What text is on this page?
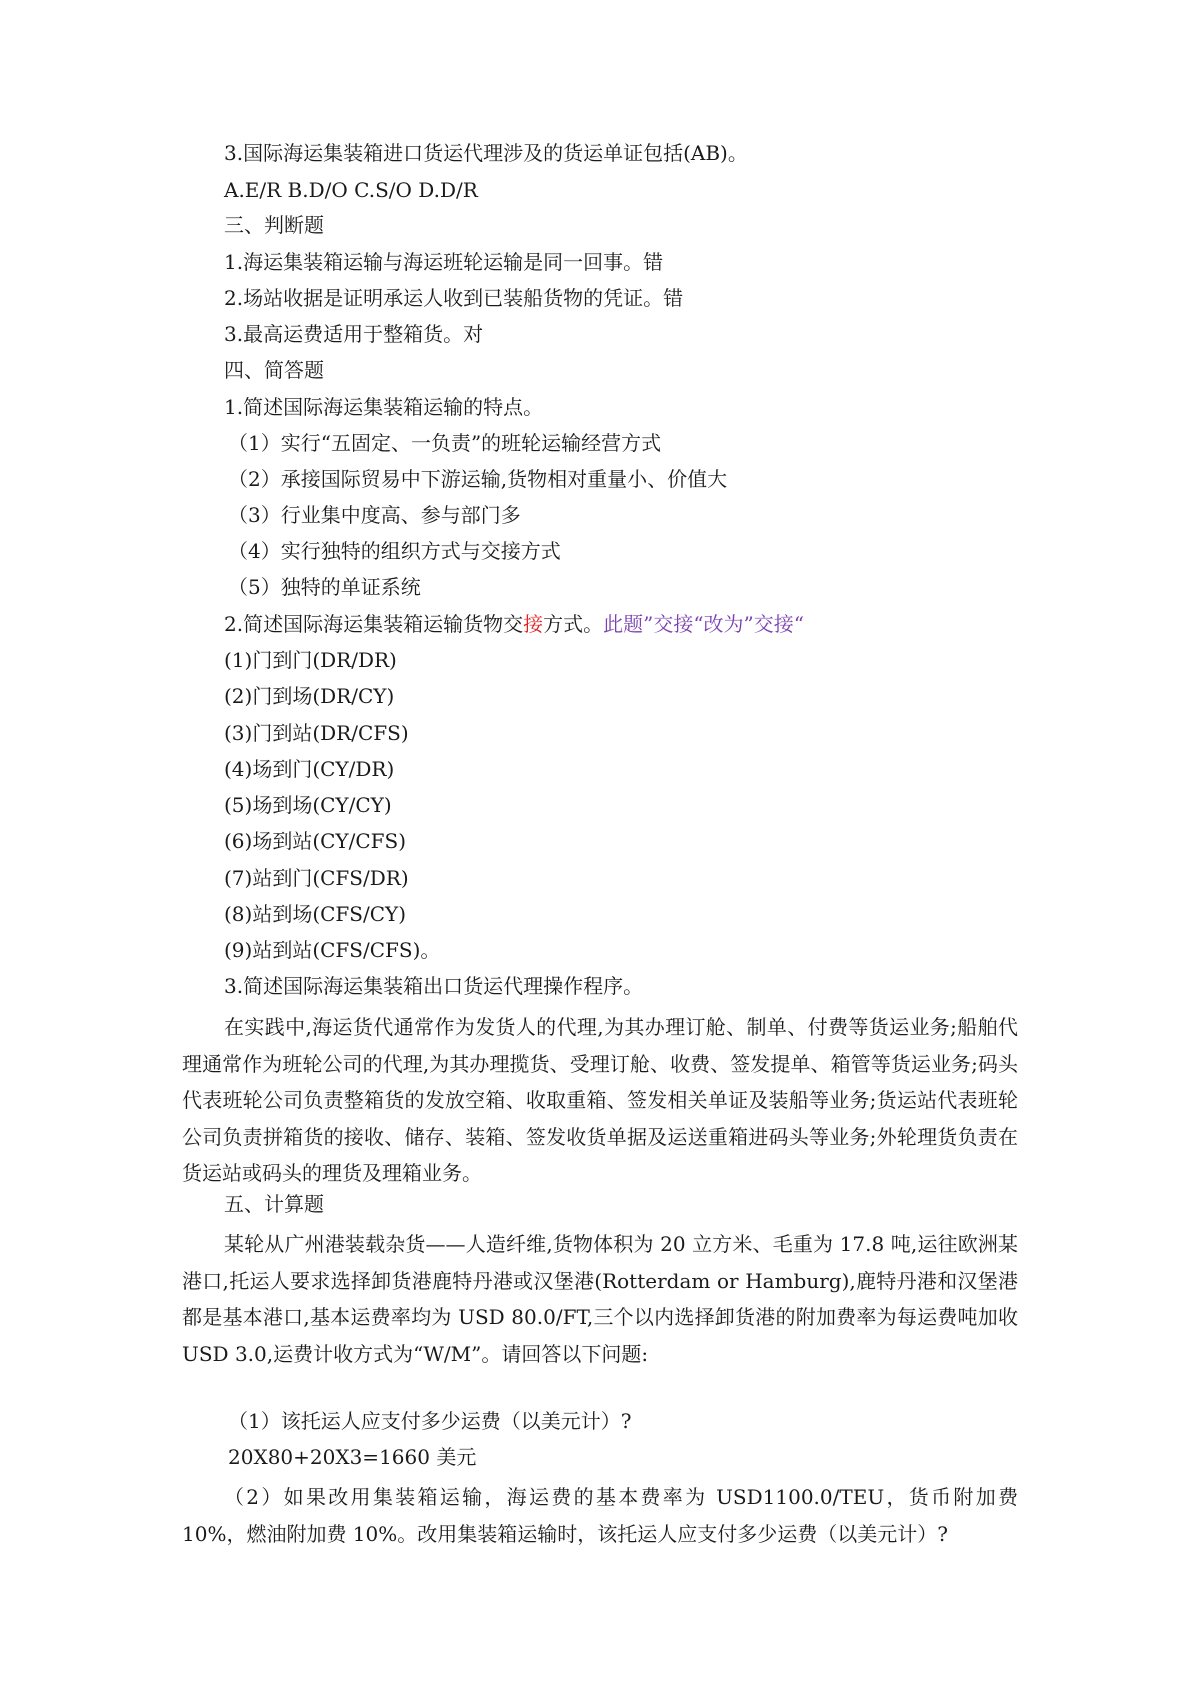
3.国际海运集装箱进口货运代理涉及的货运单证包括(AB)。
A.E/R B.D/O C.S/O D.D/R
三、判断题
1.海运集装箱运输与海运班轮运输是同一回事。错
2.场站收据是证明承运人收到已装船货物的凭证。错
3.最高运费适用于整箱货。对
四、简答题
1.简述国际海运集装箱运输的特点。
（1）实行“五固定、一负责”的班轮运输经营方式
（2）承接国际贸易中下游运输,货物相对重量小、价值大
（3）行业集中度高、参与部门多
（4）实行独特的组织方式与交接方式
（5）独特的单证系统
2.简述国际海运集装箱运输货物交接方式。此题”交接“改为”交接“
(1)门到门(DR/DR)
(2)门到场(DR/CY)
(3)门到站(DR/CFS)
(4)场到门(CY/DR)
(5)场到场(CY/CY)
(6)场到站(CY/CFS)
(7)站到门(CFS/DR)
(8)站到场(CFS/CY)
(9)站到站(CFS/CFS)。
3.简述国际海运集装箱出口货运代理操作程序。
在实践中,海运货代通常作为发货人的代理,为其办理订舱、制单、付费等货运业务;船舶代理通常作为班轮公司的代理,为其办理揽货、受理订舱、收费、签发提单、箱管等货运业务;码头代表班轮公司负责整箱货的发放空箱、收取重箱、签发相关单证及装船等业务;货运站代表班轮公司负责拼箱货的接收、储存、装箱、签发收货单据及运送重箱进码头等业务;外轮理货负责在货运站或码头的理货及理箱业务。
五、计算题
某轮从广州港装载杂货——人造纤维,货物体积为 20 立方米、毛重为 17.8 吨,运往欧洲某港口,托运人要求选择卸货港鹿特丹港或汉堡港(Rotterdam or Hamburg),鹿特丹港和汉堡港都是基本港口,基本运费率均为 USD 80.0/FT,三个以内选择卸货港的附加费率为每运费吨加收 USD 3.0,运费计收方式为“W/M”。请回答以下问题:
（1）该托运人应支付多少运费（以美元计）?
20X80+20X3=1660 美元
（2）如果改用集装箱运输，海运费的基本费率为 USD1100.0/TEU，货币附加费 10%，燃油附加费 10%。改用集装箱运输时，该托运人应支付多少运费（以美元计）?
